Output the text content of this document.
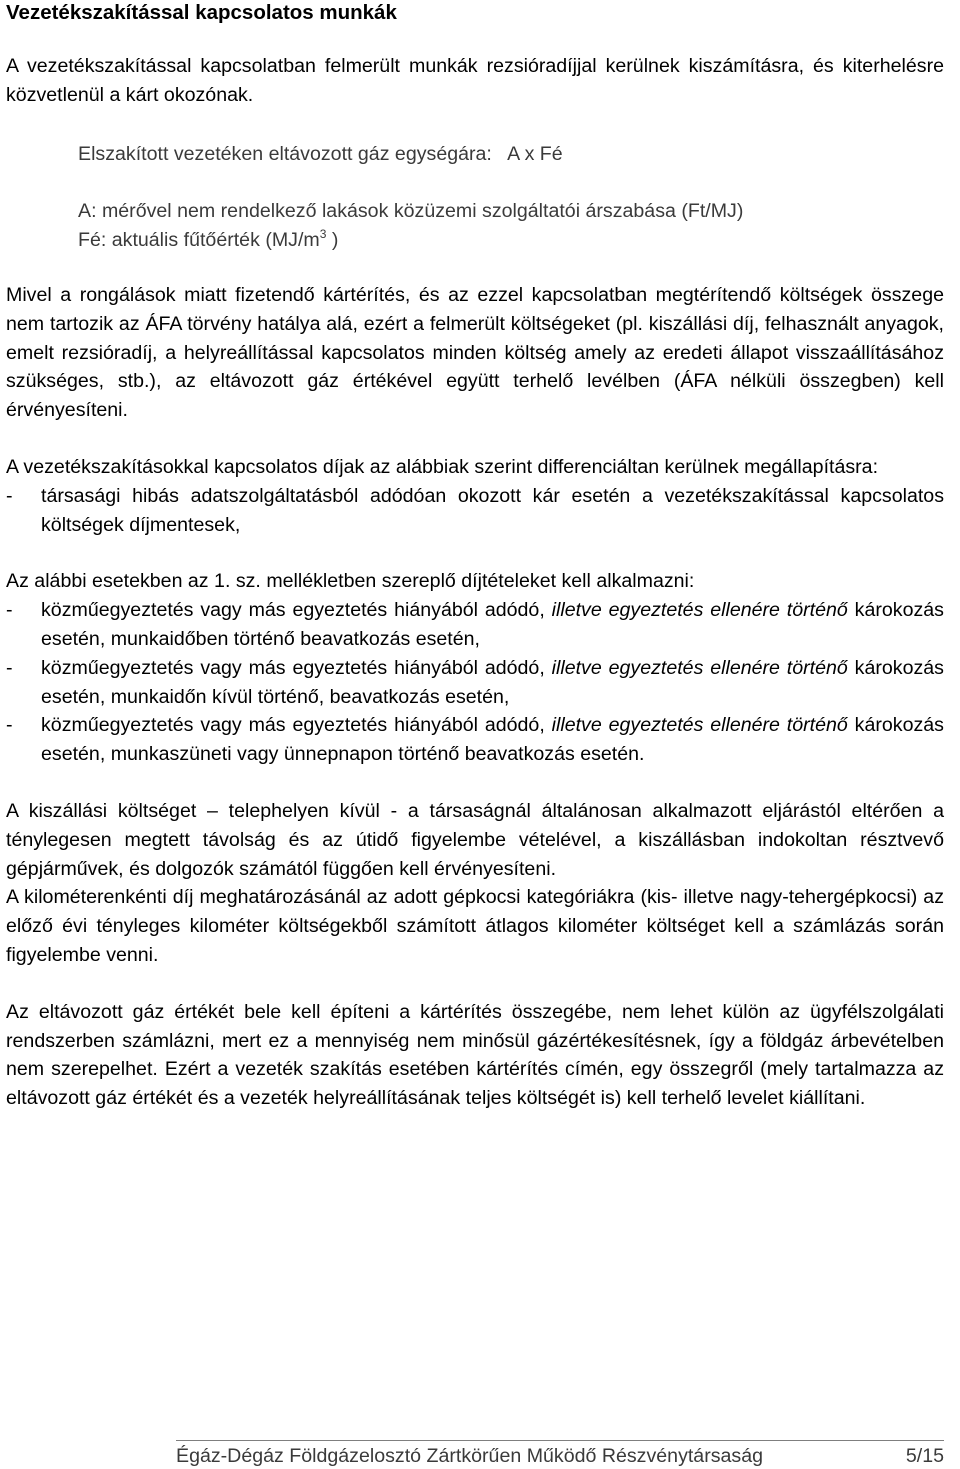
Vezetékszakítással kapcsolatos munkák

A vezetékszakítással kapcsolatban felmerült munkák rezsióradíjjal kerülnek kiszámításra, és kiterhelésre közvetlenül a kárt okozónak.

Elszakított vezetéken eltávozott gáz egységára: A x Fé

A: mérővel nem rendelkező lakások közüzemi szolgáltatói árszabása (Ft/MJ)

Fé: aktuális fűtőérték ($MJ/m^3$ )

Mivel a rongálások miatt fizetendő kártérítés, és az ezzel kapcsolatban megtérítendő költségek összege nem tartozik az ÁFA törvény hatálya alá, ezért a felmerült költségeket (pl. kiszállási díj, felhasznált anyagok, emelt rezsióradíj, a helyreállítással kapcsolatos minden költség amely az eredeti állapot visszaállításához szükséges, stb.), az eltávozott gáz értékével együtt terhelő levélben (ÁFA nélküli összegben) kell érvényesíteni.

A vezetékszakításokkal kapcsolatos díjak az alábbiak szerint differenciáltan kerülnek megállapításra:

-	társasági hibás adatszolgáltatásból adódóan okozott kár esetén a vezetékszakítással kapcsolatos költségek díjmentesek,

Az alábbi esetekben az 1. sz. mellékletben szereplő díjtételeket kell alkalmazni:

-	közműegyeztetés vagy más egyeztetés hiányából adódó, illetve egyeztetés ellenére történő károkozás esetén, munkaidőben történő beavatkozás esetén,
-	közműegyeztetés vagy más egyeztetés hiányából adódó, illetve egyeztetés ellenére történő károkozás esetén, munkaidőn kívül történő, beavatkozás esetén,
-	közműegyeztetés vagy más egyeztetés hiányából adódó, illetve egyeztetés ellenére történő károkozás esetén, munkaszüneti vagy ünnepnapon történő beavatkozás esetén.

A kiszállási költséget – telephelyen kívül - a társaságnál általánosan alkalmazott eljárástól eltérően a ténylegesen megtett távolság és az útidő figyelembe vételével, a kiszállásban indokoltan résztvevő gépjárművek, és dolgozók számától függően kell érvényesíteni.

A kilométerenkénti díj meghatározásánál az adott gépkocsi kategóriákra (kis- illetve nagy-tehergépkocsi) az előző évi tényleges kilométer költségekből számított átlagos kilométer költséget kell a számlázás során figyelembe venni.

Az eltávozott gáz értékét bele kell építeni a kártérítés összegébe, nem lehet külön az ügyfélszolgálati rendszerben számlázni, mert ez a mennyiség nem minősül gázértékesítésnek, így a földgáz árbevételben nem szerepelhet. Ezért a vezeték szakítás esetében kártérítés címén, egy összegről (mely tartalmazza az eltávozott gáz értékét és a vezeték helyreállításának teljes költségét is) kell terhelő levelet kiállítani.

Égáz-Dégáz Földgázelosztó Zártkörűen Működő Részvénytársaság	5/15
